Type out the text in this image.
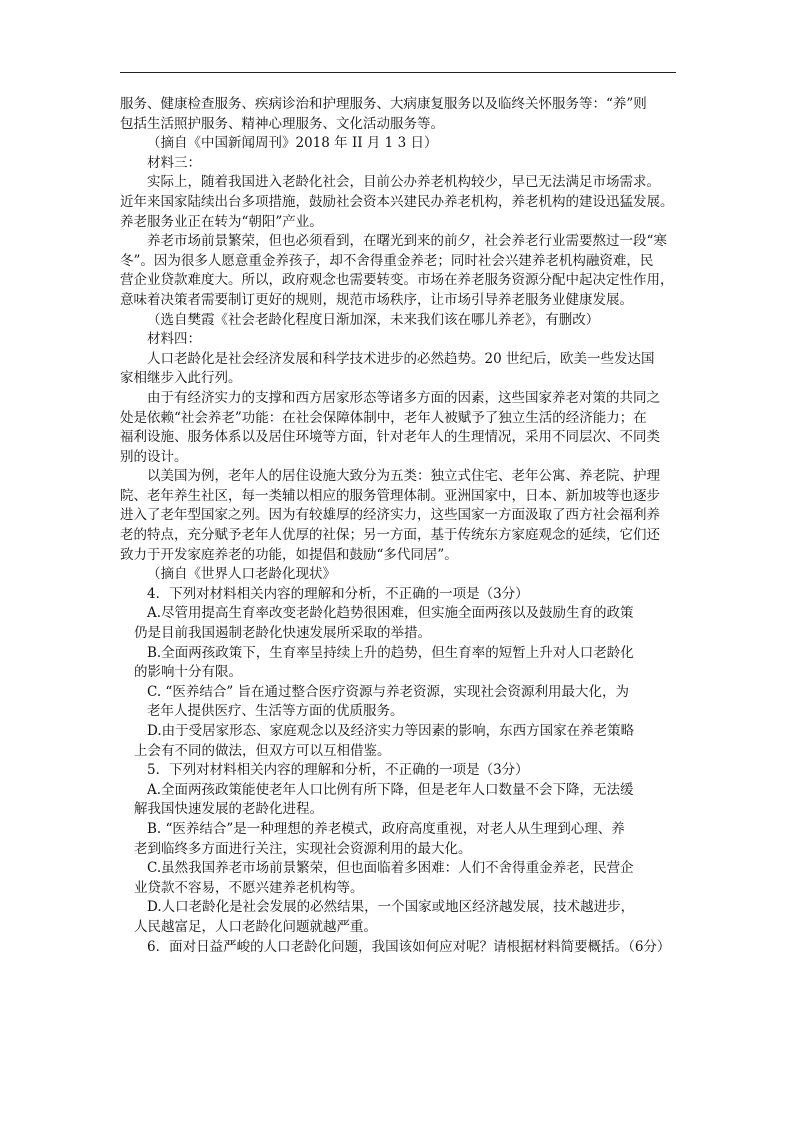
服务、健康检查服务、疾病诊治和护理服务、大病康复服务以及临终关怀服务等：“养”则
包括生活照护服务、精神心理服务、文化活动服务等。
（摘自《中国新闻周刊》2018 年 II 月 1 3 日）
材料三：
实际上，随着我国进入老龄化社会，目前公办养老机构较少，早已无法满足市场需求。
近年来国家陆续出台多项措施，鼓励社会资本兴建民办养老机构，养老机构的建设迅猛发展。
养老服务业正在转为“朝阳”产业。
养老市场前景繁荣，但也必须看到，在曙光到来的前夕，社会养老行业需要熬过一段“寒
冬”。因为很多人愿意重金养孩子，却不舍得重金养老；同时社会兴建养老机构融资难，民
营企业贷款难度大。所以，政府观念也需要转变。市场在养老服务资源分配中起决定性作用，
意味着决策者需要制订更好的规则，规范市场秩序，让市场引导养老服务业健康发展。
（选自樊霞《社会老龄化程度日渐加深，未来我们该在哪儿养老》，有删改）
材料四：
人口老龄化是社会经济发展和科学技术进步的必然趋势。20 世纪后，欧美一些发达国
家相继步入此行列。
由于有经济实力的支撑和西方居家形态等诸多方面的因素，这些国家养老对策的共同之
处是依赖“社会养老”功能：在社会保障体制中，老年人被赋予了独立生活的经济能力；在
福利设施、服务体系以及居住环境等方面，针对老年人的生理情况，采用不同层次、不同类
别的设计。
以美国为例，老年人的居住设施大致分为五类：独立式住宅、老年公寓、养老院、护理
院、老年养生社区，每一类辅以相应的服务管理体制。亚洲国家中，日本、新加坡等也逐步
进入了老年型国家之列。因为有较雄厚的经济实力，这些国家一方面汲取了西方社会福利养
老的特点，充分赋予老年人优厚的社保；另一方面，基于传统东方家庭观念的延续，它们还
致力于开发家庭养老的功能，如提倡和鼓励“多代同居”。
（摘自《世界人口老龄化现状》
4．下列对材料相关内容的理解和分析，不正确的一项是（3分）
A.尽管用提高生育率改变老龄化趋势很困难，但实施全面两孩以及鼓励生育的政策
仍是目前我国遏制老龄化快速发展所采取的举措。
B.全面两孩政策下，生育率呈持续上升的趋势，但生育率的短暂上升对人口老龄化
的影响十分有限。
C. “医养结合” 旨在通过整合医疗资源与养老资源，实现社会资源利用最大化，为
老年人提供医疗、生活等方面的优质服务。
D.由于受居家形态、家庭观念以及经济实力等因素的影响，东西方国家在养老策略
上会有不同的做法，但双方可以互相借鉴。
5．下列对材料相关内容的理解和分析，不正确的一项是（3分）
A.全面两孩政策能使老年人口比例有所下降，但是老年人口数量不会下降，无法缓
解我国快速发展的老龄化进程。
B. “医养结合”是一种理想的养老模式，政府高度重视，对老人从生理到心理、养
老到临终多方面进行关注，实现社会资源利用的最大化。
C.虽然我国养老市场前景繁荣，但也面临着多困难：人们不舍得重金养老，民营企
业贷款不容易，不愿兴建养老机构等。
D.人口老龄化是社会发展的必然结果，一个国家或地区经济越发展，技术越进步，
人民越富足，人口老龄化问题就越严重。
6．面对日益严峻的人口老龄化问题，我国该如何应对呢？请根据材料简要概括。（6分）
